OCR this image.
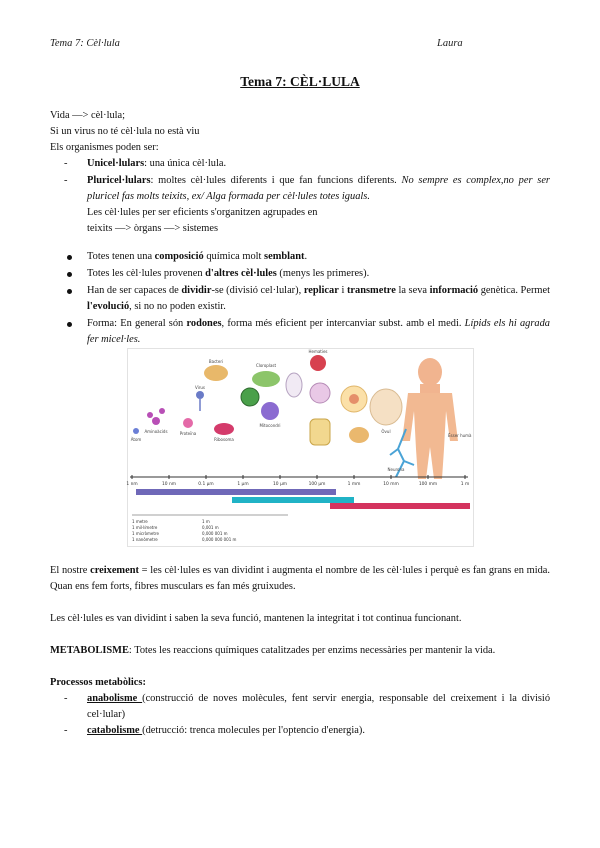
Tema 7: Cèl·lula	Laura
Tema 7: CÈL·LULA
Vida —> cèl·lula;
Si un virus no té cèl·lula no està viu
Els organismes poden ser:
- Unicel·lulars: una única cèl·lula.
- Pluricel·lulars: moltes cèl·lules diferents i que fan funcions diferents. No sempre es complex,no per ser pluricel fas molts teixits, ex/ Alga formada per cèl·lules totes iguals.
Les cèl·lules per ser eficients s'organitzen agrupades en
teixits —> òrgans —> sistemes
Totes tenen una composició química molt semblant.
Totes les cèl·lules provenen d'altres cèl·lules (menys les primeres).
Han de ser capaces de dividir-se (divisió cel·lular), replicar i transmetre la seva informació genètica. Permet l'evolució, si no no poden existir.
Forma: En general són rodones, forma més eficient per intercanviar subst. amb el medi. Lípids els hi agrada fer micel·les.
1 nm	10 nm	0.1 µm	1 µm	10 µm	100 µm	1 mm	10 mm	100 mm	1 m
Àtom
Aminoàcids	Proteïna
Virus
Ribosoma
Bacteri
Mitocondri
Cloroplast
Hematies
Òvul
Neurona
Ésser humà
1 metre	1 m
1 mil·límetre	0,001 m
1 micròmetre	0,000 001 m
1 nanòmetre	0,000 000 001 m
El nostre creixement = les cèl·lules es van dividint i augmenta el nombre de les cèl·lules i perquè es fan grans en mida. Quan ens fem forts, fibres musculars es fan més gruixudes.
Les cèl·lules es van dividint i saben la seva funció, mantenen la integritat i tot continua funcionant.
METABOLISME: Totes les reaccions químiques catalitzades per enzims necessàries per mantenir la vida.
Processos metabòlics:
- anabolisme (construcció de noves molècules, fent servir energia, responsable del creixement i la divisió cel·lular)
- catabolisme (detrucció: trenca molecules per l'optencio d'energia).
